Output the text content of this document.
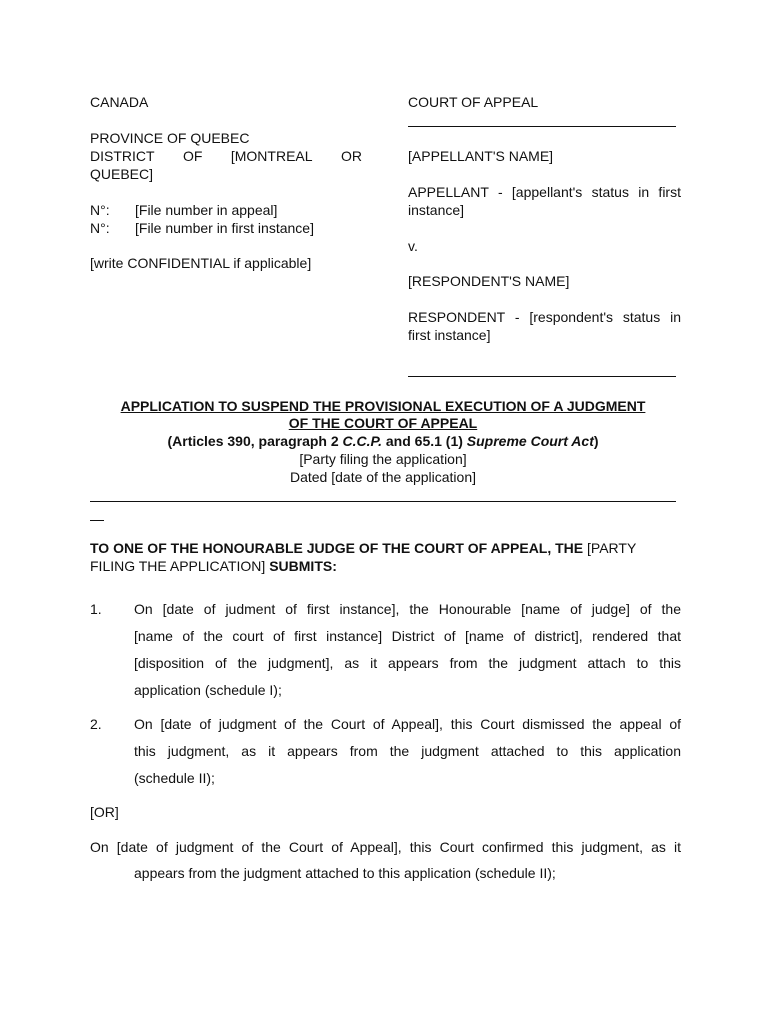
CANADA
PROVINCE OF QUEBEC
DISTRICT OF [MONTREAL OR
QUEBEC]
N°: [File number in appeal]
N°: [File number in first instance]
[write CONFIDENTIAL if applicable]
COURT OF APPEAL
[APPELLANT'S NAME]
APPELLANT - [appellant's status in first
instance]
v.
[RESPONDENT'S NAME]
RESPONDENT - [respondent's status in
first instance]
APPLICATION TO SUSPEND THE PROVISIONAL EXECUTION OF A JUDGMENT
OF THE COURT OF APPEAL
(Articles 390, paragraph 2 C.C.P. and 65.1 (1) Supreme Court Act)
[Party filing the application]
Dated [date of the application]
TO ONE OF THE HONOURABLE JUDGE OF THE COURT OF APPEAL, THE [PARTY
FILING THE APPLICATION] SUBMITS:
1. On [date of judment of first instance], the Honourable [name of judge] of the
[name of the court of first instance] District of [name of district], rendered that
[disposition of the judgment], as it appears from the judgment attach to this
application (schedule I);
2. On [date of judgment of the Court of Appeal], this Court dismissed the appeal of
this judgment, as it appears from the judgment attached to this application
(schedule II);
[OR]
On [date of judgment of the Court of Appeal], this Court confirmed this judgment, as it
appears from the judgment attached to this application (schedule II);
